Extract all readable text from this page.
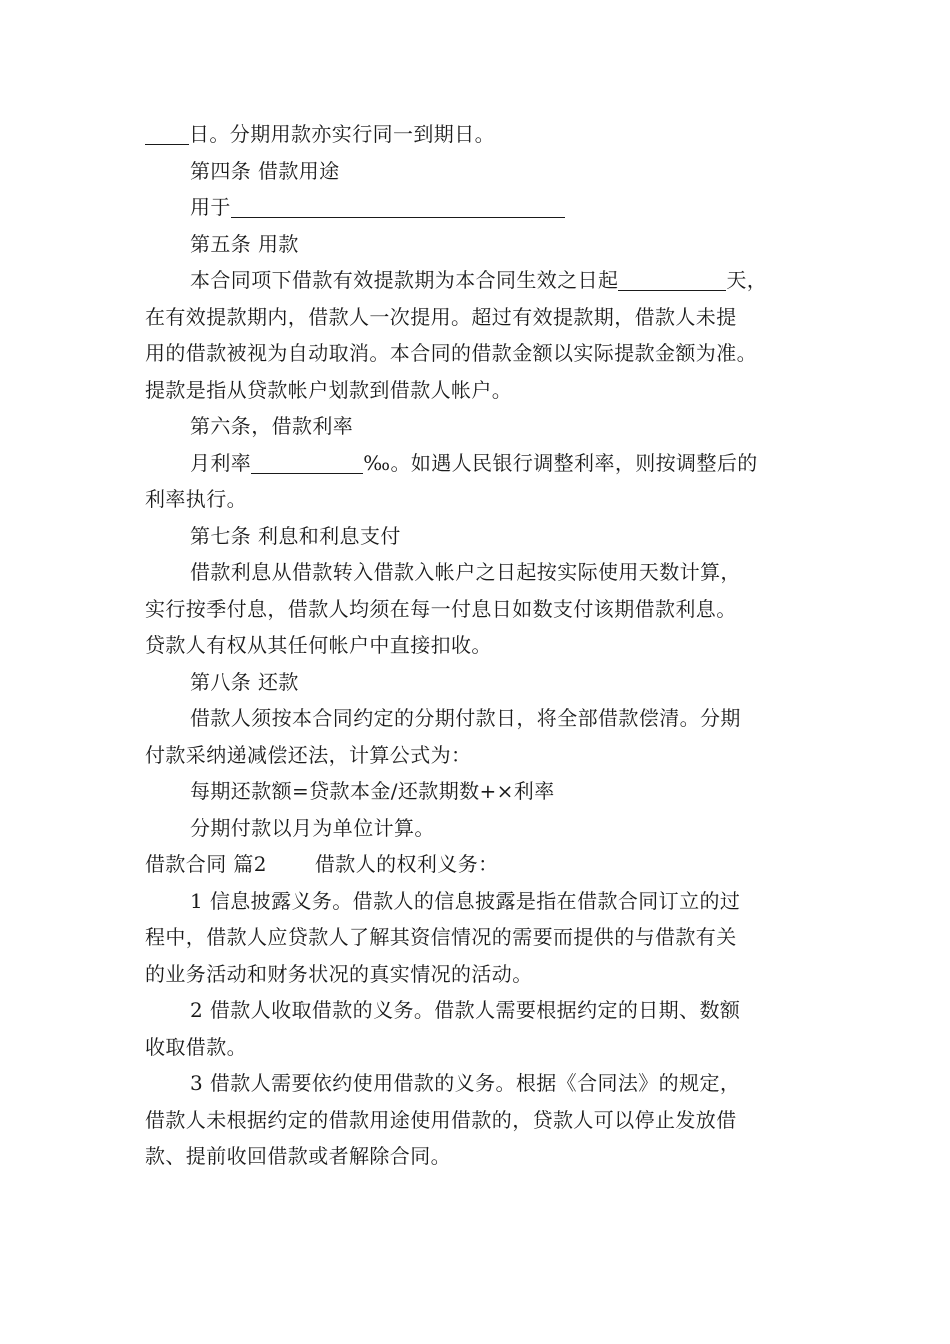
日。分期用款亦实行同一到期日。
第四条 借款用途
用于
第五条 用款
本合同项下借款有效提款期为本合同生效之日起	天，
在有效提款期内，借款人一次提用。超过有效提款期，借款人未提
用的借款被视为自动取消。本合同的借款金额以实际提款金额为准。
提款是指从贷款帐户划款到借款人帐户。
第六条，借款利率
月利率	‰。如遇人民银行调整利率，则按调整后的
利率执行。
第七条 利息和利息支付
借款利息从借款转入借款入帐户之日起按实际使用天数计算，
实行按季付息，借款人均须在每一付息日如数支付该期借款利息。
贷款人有权从其任何帐户中直接扣收。
第八条 还款
借款人须按本合同约定的分期付款日，将全部借款偿清。分期
付款采纳递减偿还法，计算公式为：
每期还款额=贷款本金/还款期数+×利率
分期付款以月为单位计算。
借款合同 篇2 借款人的权利义务：
1 信息披露义务。借款人的信息披露是指在借款合同订立的过
程中，借款人应贷款人了解其资信情况的需要而提供的与借款有关
的业务活动和财务状况的真实情况的活动。
2 借款人收取借款的义务。借款人需要根据约定的日期、数额
收取借款。
3 借款人需要依约使用借款的义务。根据《合同法》的规定，
借款人未根据约定的借款用途使用借款的，贷款人可以停止发放借
款、提前收回借款或者解除合同。
